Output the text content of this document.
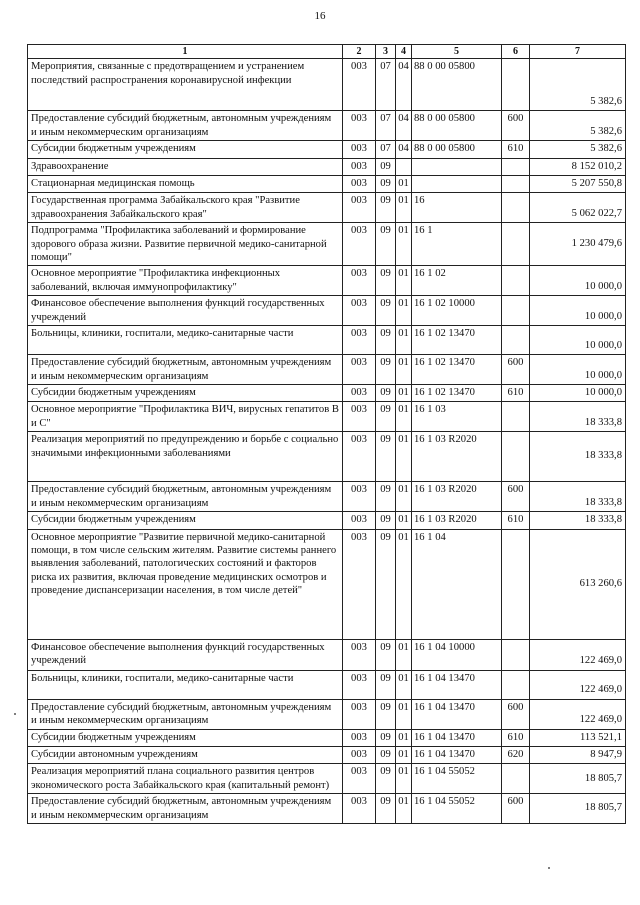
16
1	2	3	4	5	6	7
Мероприятия, связанные с предотвращением и устранением последствий распространения коронавирусной инфекции	003	07	04	88 0 00 05800		5 382,6
Предоставление субсидий бюджетным, автономным учреждениям и иным некоммерческим организациям	003	07	04	88 0 00 05800	600	5 382,6
Субсидии бюджетным учреждениям	003	07	04	88 0 00 05800	610	5 382,6
Здравоохранение	003	09				8 152 010,2
Стационарная медицинская помощь	003	09	01			5 207 550,8
Государственная программа Забайкальского края "Развитие здравоохранения Забайкальского края"	003	09	01	16		5 062 022,7
Подпрограмма "Профилактика заболеваний и формирование здорового образа жизни. Развитие первичной медико-санитарной помощи"	003	09	01	16 1		1 230 479,6
Основное мероприятие "Профилактика инфекционных заболеваний, включая иммунопрофилактику"	003	09	01	16 1 02		10 000,0
Финансовое обеспечение выполнения функций государственных учреждений	003	09	01	16 1 02 10000		10 000,0
Больницы, клиники, госпитали, медико-санитарные части	003	09	01	16 1 02 13470		10 000,0
Предоставление субсидий бюджетным, автономным учреждениям и иным некоммерческим организациям	003	09	01	16 1 02 13470	600	10 000,0
Субсидии бюджетным учреждениям	003	09	01	16 1 02 13470	610	10 000,0
Основное мероприятие "Профилактика ВИЧ, вирусных гепатитов В и С"	003	09	01	16 1 03		18 333,8
Реализация мероприятий по предупреждению и борьбе с социально значимыми инфекционными заболеваниями	003	09	01	16 1 03 R2020		18 333,8
Предоставление субсидий бюджетным, автономным учреждениям и иным некоммерческим организациям	003	09	01	16 1 03 R2020	600	18 333,8
Субсидии бюджетным учреждениям	003	09	01	16 1 03 R2020	610	18 333,8
Основное мероприятие "Развитие первичной медико-санитарной помощи, в том числе сельским жителям. Развитие системы раннего выявления заболеваний, патологических состояний и факторов риска их развития, включая проведение медицинских осмотров и проведение диспансеризации населения, в том числе детей"	003	09	01	16 1 04		613 260,6
Финансовое обеспечение выполнения функций государственных учреждений	003	09	01	16 1 04 10000		122 469,0
Больницы, клиники, госпитали, медико-санитарные части	003	09	01	16 1 04 13470		122 469,0
Предоставление субсидий бюджетным, автономным учреждениям и иным некоммерческим организациям	003	09	01	16 1 04 13470	600	122 469,0
Субсидии бюджетным учреждениям	003	09	01	16 1 04 13470	610	113 521,1
Субсидии автономным учреждениям	003	09	01	16 1 04 13470	620	8 947,9
Реализация мероприятий плана социального развития центров экономического роста Забайкальского края (капитальный ремонт)	003	09	01	16 1 04 55052		18 805,7
Предоставление субсидий бюджетным, автономным учреждениям и иным некоммерческим организациям	003	09	01	16 1 04 55052	600	18 805,7
